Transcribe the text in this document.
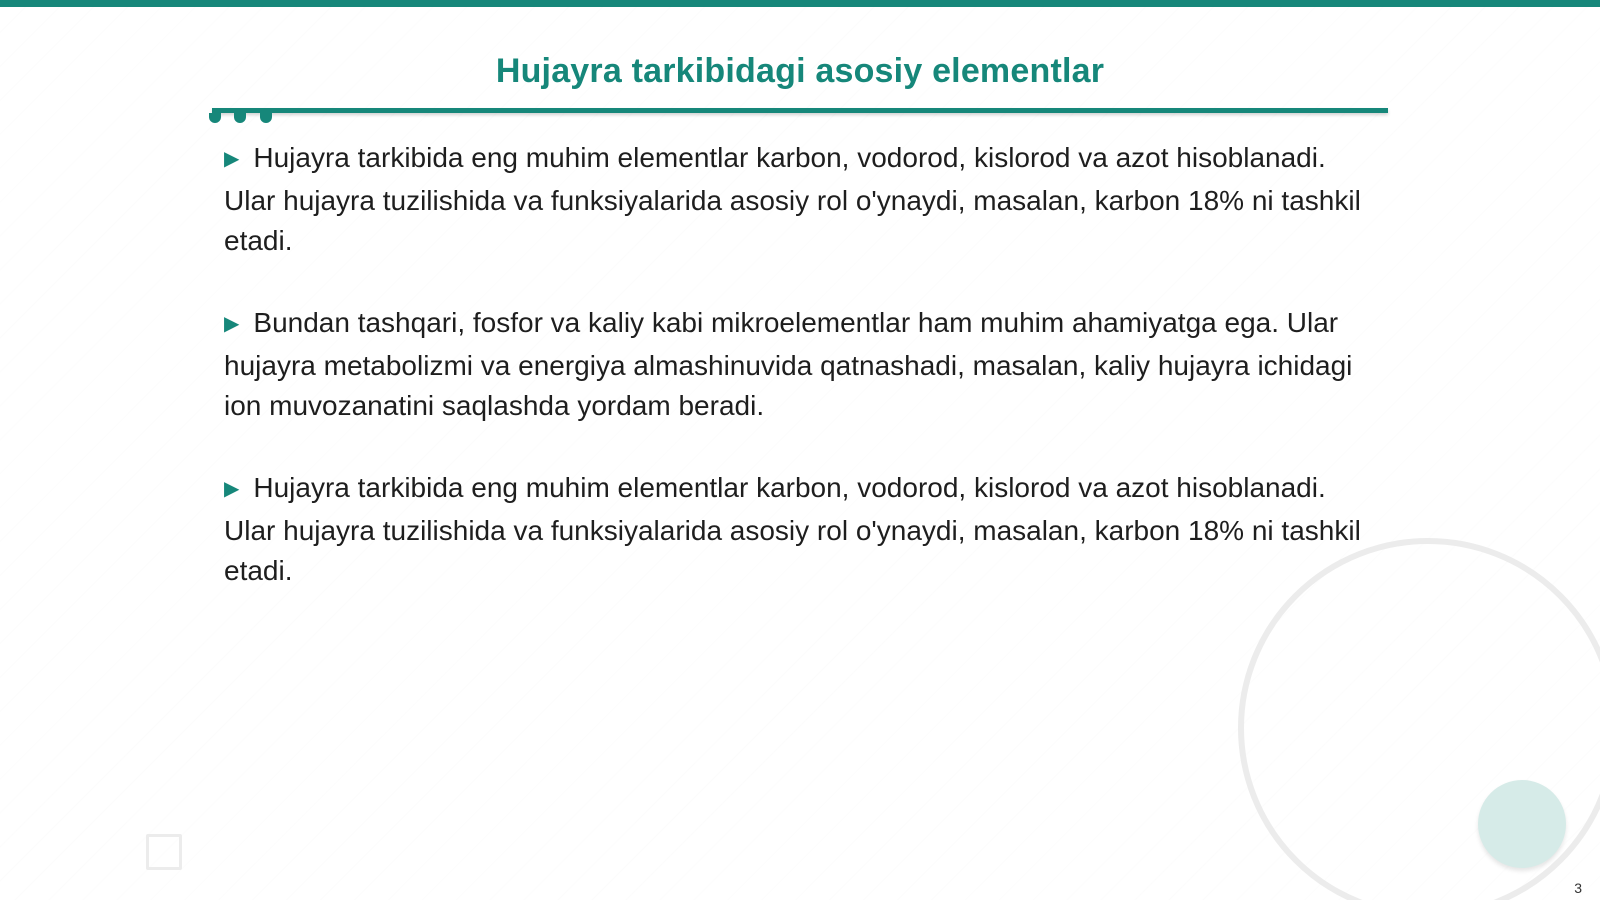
Hujayra tarkibidagi asosiy elementlar

▶ Hujayra tarkibida eng muhim elementlar karbon, vodorod, kislorod va azot hisoblanadi. Ular hujayra tuzilishida va funksiyalarida asosiy rol o'ynaydi, masalan, karbon 18% ni tashkil etadi.

▶ Bundan tashqari, fosfor va kaliy kabi mikroelementlar ham muhim ahamiyatga ega. Ular hujayra metabolizmi va energiya almashinuvida qatnashadi, masalan, kaliy hujayra ichidagi ion muvozanatini saqlashda yordam beradi.

▶ Hujayra tarkibida eng muhim elementlar karbon, vodorod, kislorod va azot hisoblanadi. Ular hujayra tuzilishida va funksiyalarida asosiy rol o'ynaydi, masalan, karbon 18% ni tashkil etadi.

3
